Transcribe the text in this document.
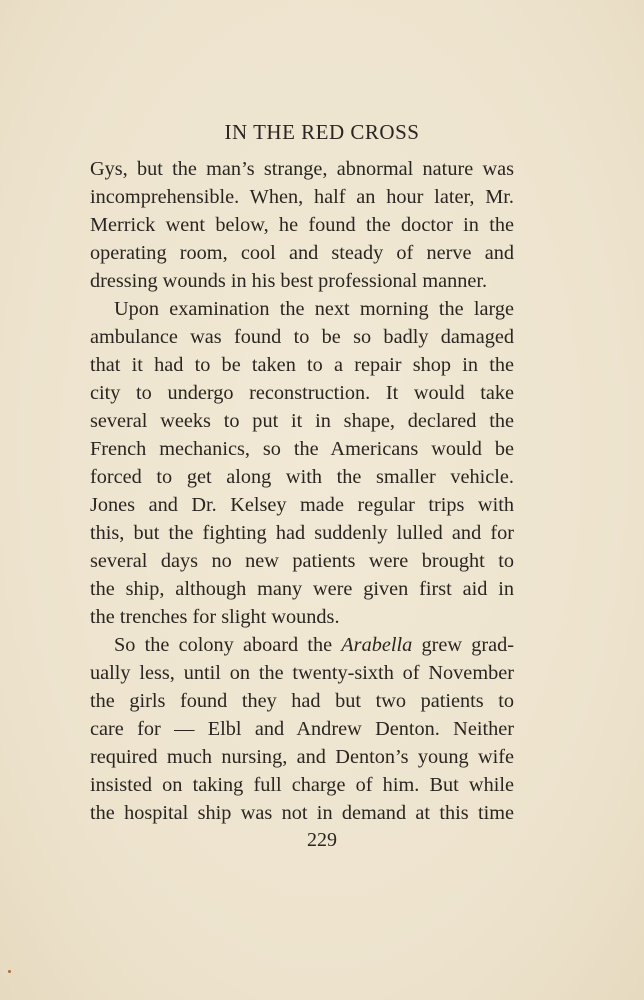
IN THE RED CROSS

Gys, but the man’s strange, abnormal nature was
incomprehensible. When, half an hour later, Mr.
Merrick went below, he found the doctor in the
operating room, cool and steady of nerve and
dressing wounds in his best professional manner.

Upon examination the next morning the large
ambulance was found to be so badly damaged
that it had to be taken to a repair shop in the
city to undergo reconstruction. It would take
several weeks to put it in shape, declared the
French mechanics, so the Americans would be
forced to get along with the smaller vehicle.
Jones and Dr. Kelsey made regular trips with
this, but the fighting had suddenly lulled and for
several days no new patients were brought to
the ship, although many were given first aid in
the trenches for slight wounds.

So the colony aboard the Arabella grew grad-
ually less, until on the twenty-sixth of November
the girls found they had but two patients to
care for — Elbl and Andrew Denton. Neither
required much nursing, and Denton’s young wife
insisted on taking full charge of him. But while
the hospital ship was not in demand at this time

229
